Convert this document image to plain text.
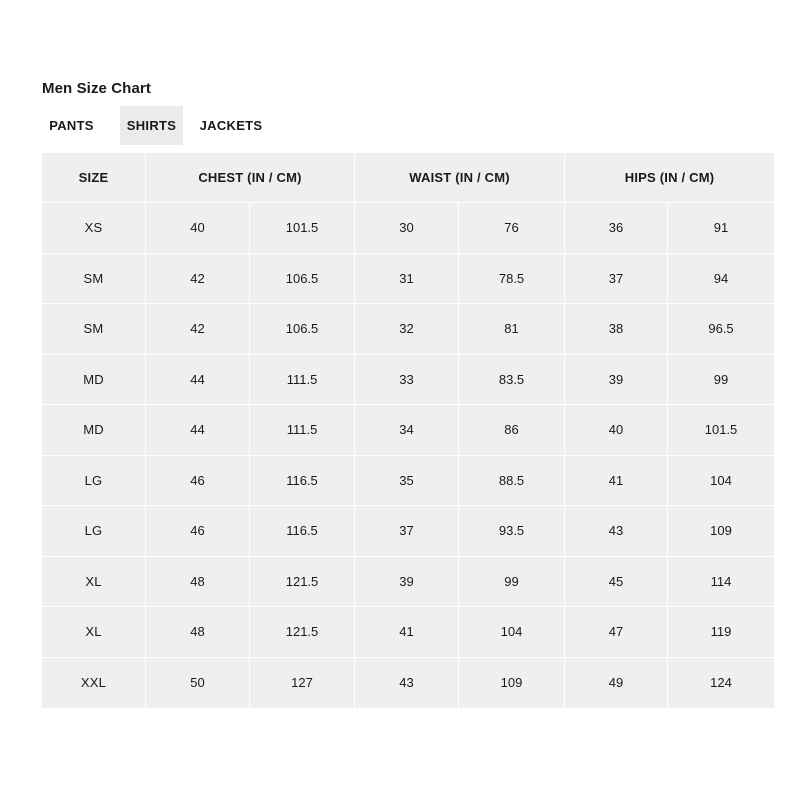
Men Size Chart
PANTS	SHIRTS	JACKETS
SIZE	CHEST (IN / CM)		WAIST (IN / CM)		HIPS (IN / CM)	
XS	40	101.5	30	76	36	91
SM	42	106.5	31	78.5	37	94
SM	42	106.5	32	81	38	96.5
MD	44	111.5	33	83.5	39	99
MD	44	111.5	34	86	40	101.5
LG	46	116.5	35	88.5	41	104
LG	46	116.5	37	93.5	43	109
XL	48	121.5	39	99	45	114
XL	48	121.5	41	104	47	119
XXL	50	127	43	109	49	124
